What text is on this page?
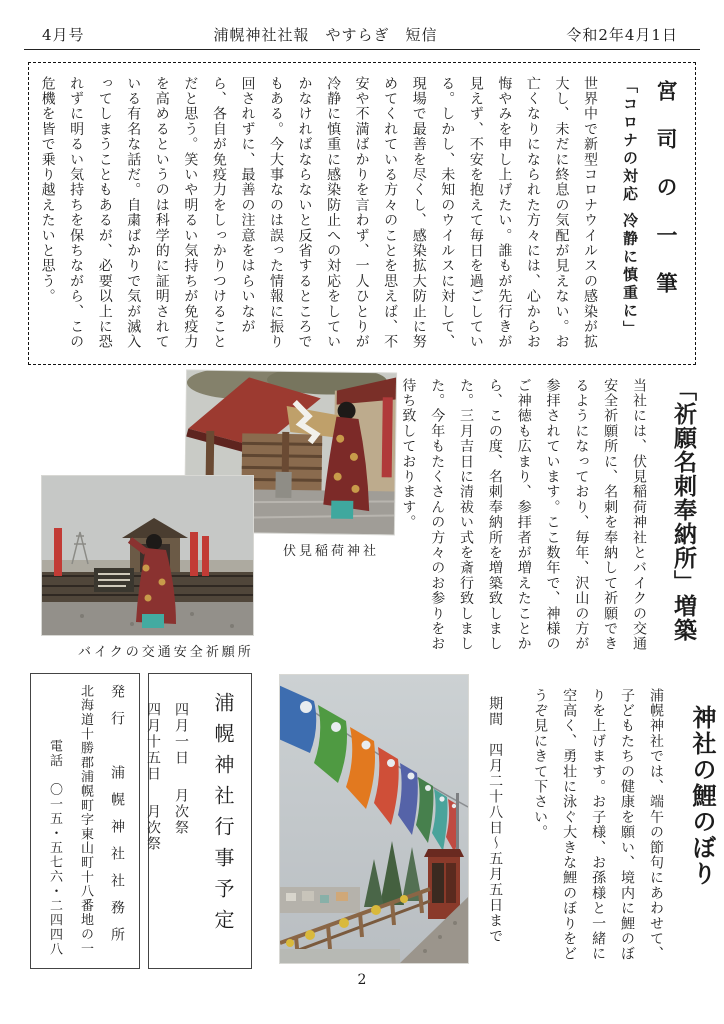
4月号	浦幌神社社報　やすらぎ　短信	令和2年4月1日
宮司の一筆
「コロナの対応 冷静に慎重に」

世界中で新型コロナウイルスの感染が拡大し、未だに終息の気配が見えない。お亡くなりになられた方々には、心からお悔やみを申し上げたい。誰もが先行きが見えず、不安を抱えて毎日を過ごしている。しかし、未知のウイルスに対して、現場で最善を尽くし、感染拡大防止に努めてくれている方々のことを思えば、不安や不満ばかりを言わず、一人ひとりが冷静に慎重に感染防止への対応をしていかなければならないと反省するところでもある。今大事なのは誤った情報に振り回されずに、最善の注意をはらいながら、各自が免疫力をしっかりつけることだと思う。笑いや明るい気持ちが免疫力を高めるというのは科学的に証明されている有名な話だ。自粛ばかりで気が滅入ってしまうこともあるが、必要以上に恐れずに明るい気持ちを保ちながら、この危機を皆で乗り越えたいと思う。

「祈願名刺奉納所」増築

当社には、伏見稲荷神社とバイクの交通安全祈願所に、名刺を奉納して祈願できるようになっており、毎年、沢山の方が参拝されています。ここ数年で、神様のご神徳も広まり、参拝者が増えたことから、この度、名刺奉納所を増築致しました。三月吉日に清祓い式を斎行致しました。今年もたくさんの方々のお参りをお待ち致しております。

伏見稲荷神社
バイクの交通安全祈願所
神社の鯉のぼり

浦幌神社では、端午の節句にあわせて、子どもたちの健康を願い、境内に鯉のぼりを上げます。お子様、お孫様と一緒に空高く、勇壮に泳ぐ大きな鯉のぼりをどうぞ見にきて下さい。

期間　四月二十八日～五月五日まで

浦幌神社行事予定

四月一日月次祭

四月十五日月次祭

発行　浦幌神社社務所

北海道十勝郡浦幌町字東山町十八番地の一

電話　〇一五・五七六・二四四八

2
